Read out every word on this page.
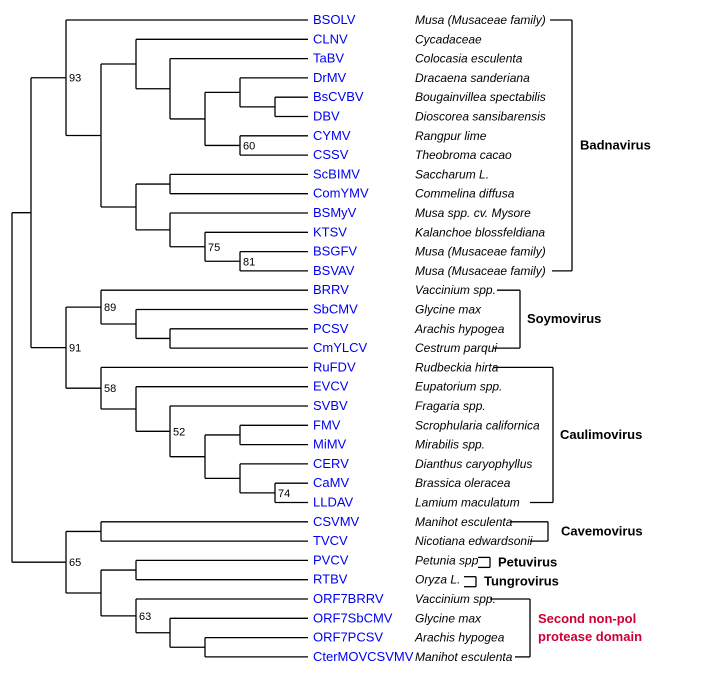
60
81
75
93
89
74
52
58
91
63
65
BSOLV	Musa (Musaceae family)
CLNV	Cycadaceae
TaBV	Colocasia esculenta
DrMV	Dracaena sanderiana
BsCVBV	Bougainvillea spectabilis
DBV	Dioscorea sansibarensis
CYMV	Rangpur lime
CSSV	Theobroma cacao
ScBIMV	Saccharum L.
ComYMV	Commelina diffusa
BSMyV	Musa spp. cv. Mysore
KTSV	Kalanchoe blossfeldiana
BSGFV	Musa (Musaceae family)
BSVAV	Musa (Musaceae family)
BRRV	Vaccinium spp.
SbCMV	Glycine max
PCSV	Arachis hypogea
CmYLCV	Cestrum parqui
RuFDV	Rudbeckia hirta
EVCV	Eupatorium spp.
SVBV	Fragaria spp.
FMV	Scrophularia californica
MiMV	Mirabilis spp.
CERV	Dianthus caryophyllus
CaMV	Brassica oleracea
LLDAV	Lamium maculatum
CSVMV	Manihot esculenta
TVCV	Nicotiana edwardsonii
PVCV	Petunia spp
RTBV	Oryza L.
ORF7BRRV	Vaccinium spp.
ORF7SbCMV Glycine max
ORF7PCSV	Arachis hypogea
CterMOVCSVMV Manihot esculenta
Badnavirus
Soymovirus
Caulimovirus
Cavemovirus
Petuvirus
Tungrovirus
Second non-pol
protease domain
